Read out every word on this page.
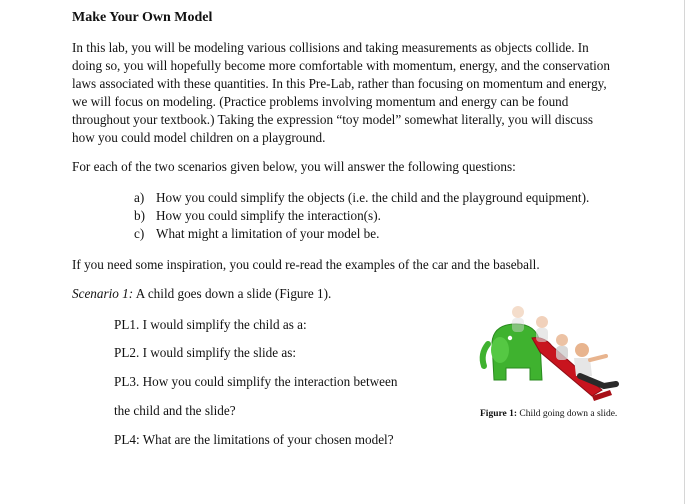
Make Your Own Model
In this lab, you will be modeling various collisions and taking measurements as objects collide. In doing so, you will hopefully become more comfortable with momentum, energy, and the conservation laws associated with these quantities. In this Pre-Lab, rather than focusing on momentum and energy, we will focus on modeling. (Practice problems involving momentum and energy can be found throughout your textbook.) Taking the expression “toy model” somewhat literally, you will discuss how you could model children on a playground.
For each of the two scenarios given below, you will answer the following questions:
a) How you could simplify the objects (i.e. the child and the playground equipment).
b) How you could simplify the interaction(s).
c) What might a limitation of your model be.
If you need some inspiration, you could re-read the examples of the car and the baseball.
Scenario 1: A child goes down a slide (Figure 1).
PL1. I would simplify the child as a:
PL2. I would simplify the slide as:
PL3. How you could simplify the interaction between
the child and the slide?
PL4: What are the limitations of your chosen model?
Figure 1: Child going down a slide.
